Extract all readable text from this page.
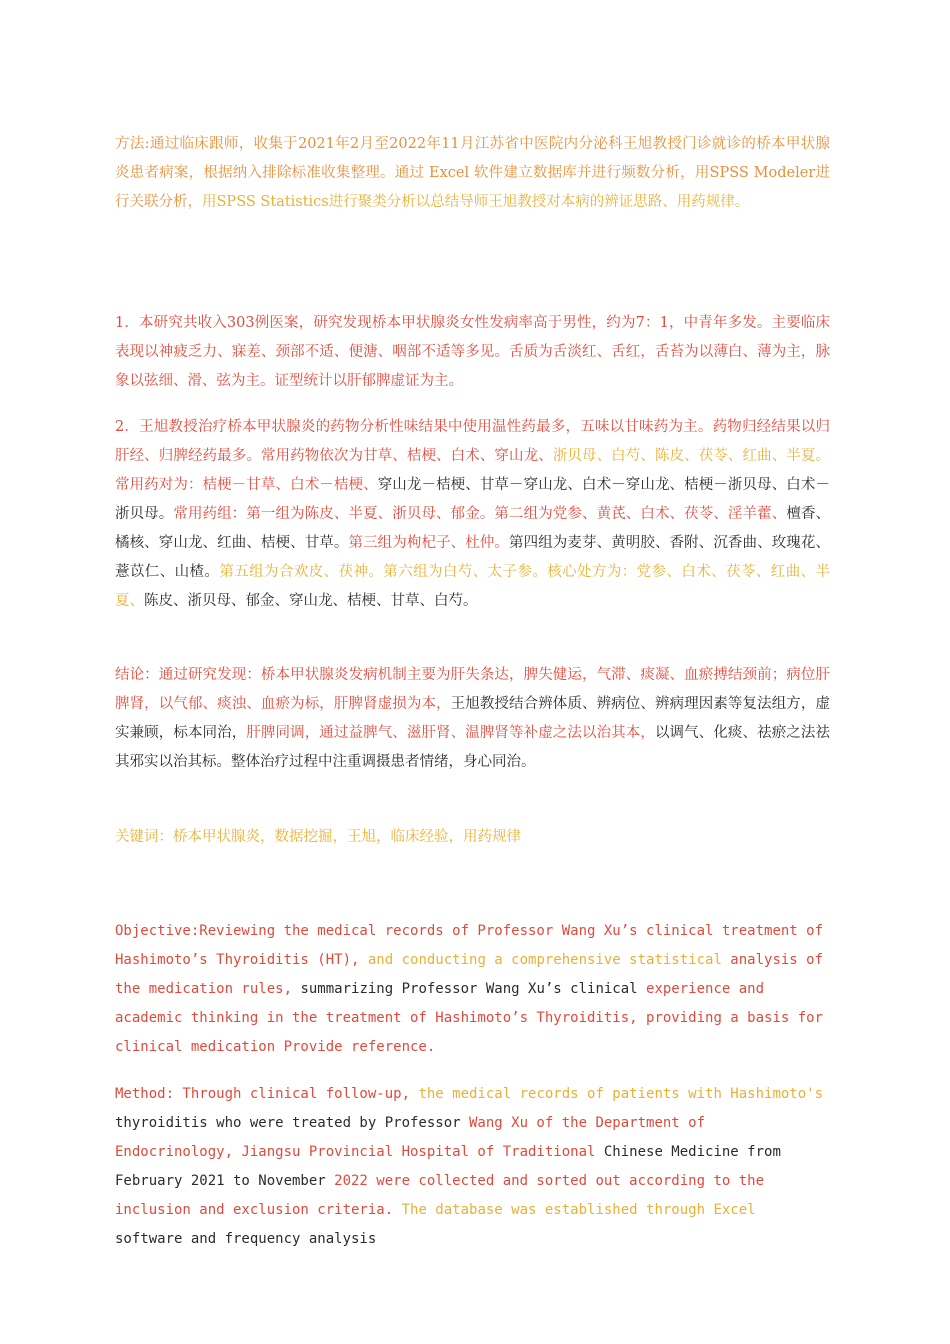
方法:通过临床跟师，收集于2021年2月至2022年11月江苏省中医院内分泌科王旭教授门诊就诊的桥本甲状腺炎患者病案，根据纳入排除标准收集整理。通过 Excel 软件建立数据库并进行频数分析，用SPSS Modeler进行关联分析，用SPSS Statistics进行聚类分析以总结导师王旭教授对本病的辨证思路、用药规律。

1．本研究共收入303例医案，研究发现桥本甲状腺炎女性发病率高于男性，约为7：1，中青年多发。主要临床表现以神疲乏力、寐差、颈部不适、便溏、咽部不适等多见。舌质为舌淡红、舌红，舌苔为以薄白、薄为主，脉象以弦细、滑、弦为主。证型统计以肝郁脾虚证为主。

2．王旭教授治疗桥本甲状腺炎的药物分析性味结果中使用温性药最多，五味以甘味药为主。药物归经结果以归肝经、归脾经药最多。常用药物依次为甘草、桔梗、白术、穿山龙、浙贝母、白芍、陈皮、茯苓、红曲、半夏。常用药对为：桔梗－甘草、白术－桔梗、穿山龙－桔梗、甘草－穿山龙、白术－穿山龙、桔梗－浙贝母、白术－浙贝母。常用药组：第一组为陈皮、半夏、浙贝母、郁金。第二组为党参、黄芪、白术、茯苓、淫羊藿、檀香、橘核、穿山龙、红曲、桔梗、甘草。第三组为枸杞子、杜仲。第四组为麦芽、黄明胶、香附、沉香曲、玫瑰花、薏苡仁、山楂。第五组为合欢皮、茯神。第六组为白芍、太子参。核心处方为：党参、白术、茯苓、红曲、半夏、陈皮、浙贝母、郁金、穿山龙、桔梗、甘草、白芍。

结论：通过研究发现：桥本甲状腺炎发病机制主要为肝失条达，脾失健运，气滞、痰凝、血瘀搏结颈前；病位肝脾肾，以气郁、痰浊、血瘀为标，肝脾肾虚损为本，王旭教授结合辨体质、辨病位、辨病理因素等复法组方，虚实兼顾，标本同治，肝脾同调，通过益脾气、滋肝肾、温脾肾等补虚之法以治其本，以调气、化痰、祛瘀之法祛其邪实以治其标。整体治疗过程中注重调摄患者情绪，身心同治。

关键词：桥本甲状腺炎，数据挖掘，王旭，临床经验，用药规律

Objective:Reviewing the medical records of Professor Wang Xu’s clinical treatment of Hashimoto’s Thyroiditis (HT), and conducting a comprehensive statistical analysis of the medication rules, summarizing Professor Wang Xu’s clinical experience and academic thinking in the treatment of Hashimoto’s Thyroiditis, providing a basis for clinical medication Provide reference.

Method: Through clinical follow-up, the medical records of patients with Hashimoto's thyroiditis who were treated by Professor Wang Xu of the Department of Endocrinology, Jiangsu Provincial Hospital of Traditional Chinese Medicine from February 2021 to November 2022 were collected and sorted out according to the inclusion and exclusion criteria. The database was established through Excel software and frequency analysis
